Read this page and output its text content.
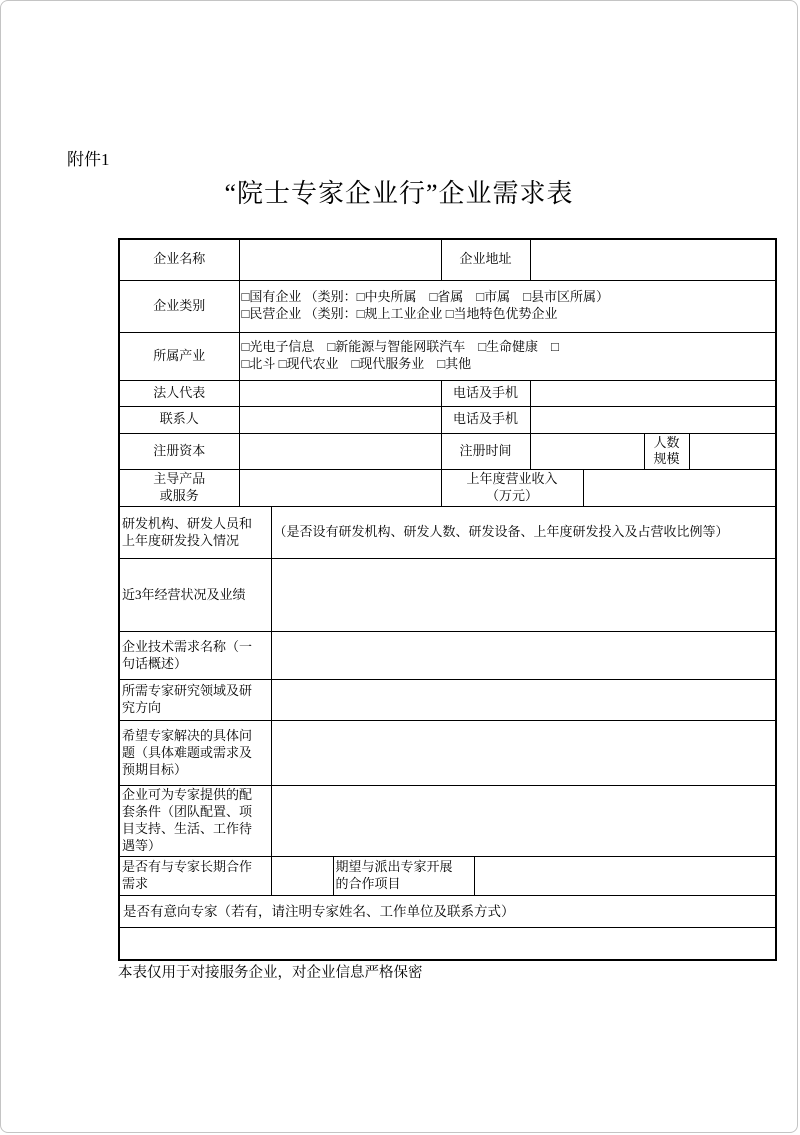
附件1
“院士专家企业行”企业需求表
企业名称				企业地址					
企业类别	□国有企业 （类别：□中央所属　□省属　□市属　□县市区所属）
□民营企业 （类别：□规上工业企业 □当地特色优势企业								
所属产业	□光电子信息　□新能源与智能网联汽车　□生命健康　□
□北斗 □现代农业　□现代服务业　□其他								
法人代表				电话及手机					
联系人				电话及手机					
注册资本				注册时间				人数
规模	
主导产品
或服务				上年度营业收入
（万元）					
研发机构、研发人员和
上年度研发投入情况		（是否设有研发机构、研发人数、研发设备、上年度研发投入及占营收比例等）							
近3年经营状况及业绩									
企业技术需求名称（一
句话概述）									
所需专家研究领域及研
究方向									
希望专家解决的具体问
题（具体难题或需求及
预期目标）									
企业可为专家提供的配
套条件（团队配置、项
目支持、生活、工作待
遇等）									
是否有与专家长期合作
需求			期望与派出专家开展
的合作项目						
是否有意向专家（若有，请注明专家姓名、工作单位及联系方式）									

本表仅用于对接服务企业，对企业信息严格保密
